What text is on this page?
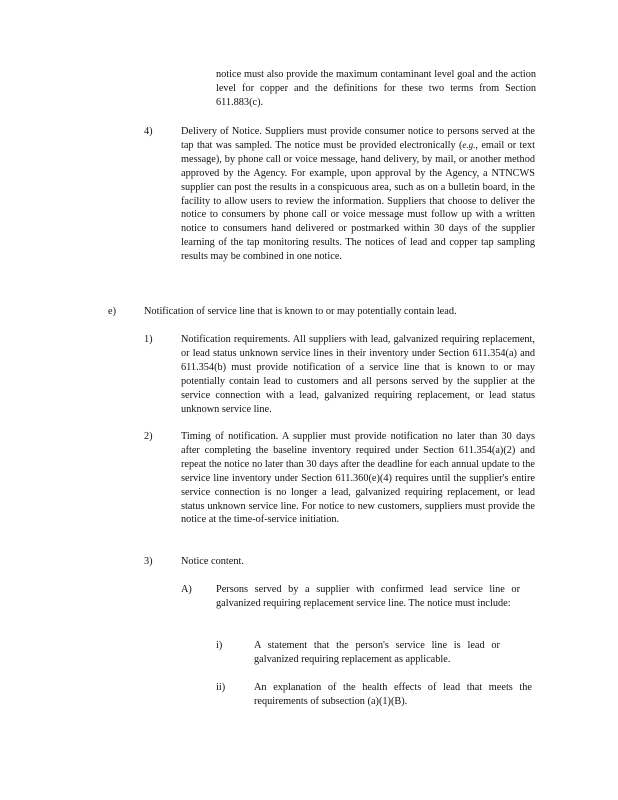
notice must also provide the maximum contaminant level goal and the action level for copper and the definitions for these two terms from Section 611.883(c).
4)	Delivery of Notice. Suppliers must provide consumer notice to persons served at the tap that was sampled. The notice must be provided electronically (e.g., email or text message), by phone call or voice message, hand delivery, by mail, or another method approved by the Agency. For example, upon approval by the Agency, a NTNCWS supplier can post the results in a conspicuous area, such as on a bulletin board, in the facility to allow users to review the information. Suppliers that choose to deliver the notice to consumers by phone call or voice message must follow up with a written notice to consumers hand delivered or postmarked within 30 days of the supplier learning of the tap monitoring results. The notices of lead and copper tap sampling results may be combined in one notice.
e)	Notification of service line that is known to or may potentially contain lead.
1)	Notification requirements. All suppliers with lead, galvanized requiring replacement, or lead status unknown service lines in their inventory under Section 611.354(a) and 611.354(b) must provide notification of a service line that is known to or may potentially contain lead to customers and all persons served by the supplier at the service connection with a lead, galvanized requiring replacement, or lead status unknown service line.
2)	Timing of notification. A supplier must provide notification no later than 30 days after completing the baseline inventory required under Section 611.354(a)(2) and repeat the notice no later than 30 days after the deadline for each annual update to the service line inventory under Section 611.360(e)(4) requires until the supplier's entire service connection is no longer a lead, galvanized requiring replacement, or lead status unknown service line. For notice to new customers, suppliers must provide the notice at the time-of-service initiation.
3)	Notice content.
A) Persons served by a supplier with confirmed lead service line or galvanized requiring replacement service line. The notice must include:
i)	A statement that the person's service line is lead or galvanized requiring replacement as applicable.
ii)	An explanation of the health effects of lead that meets the requirements of subsection (a)(1)(B).
